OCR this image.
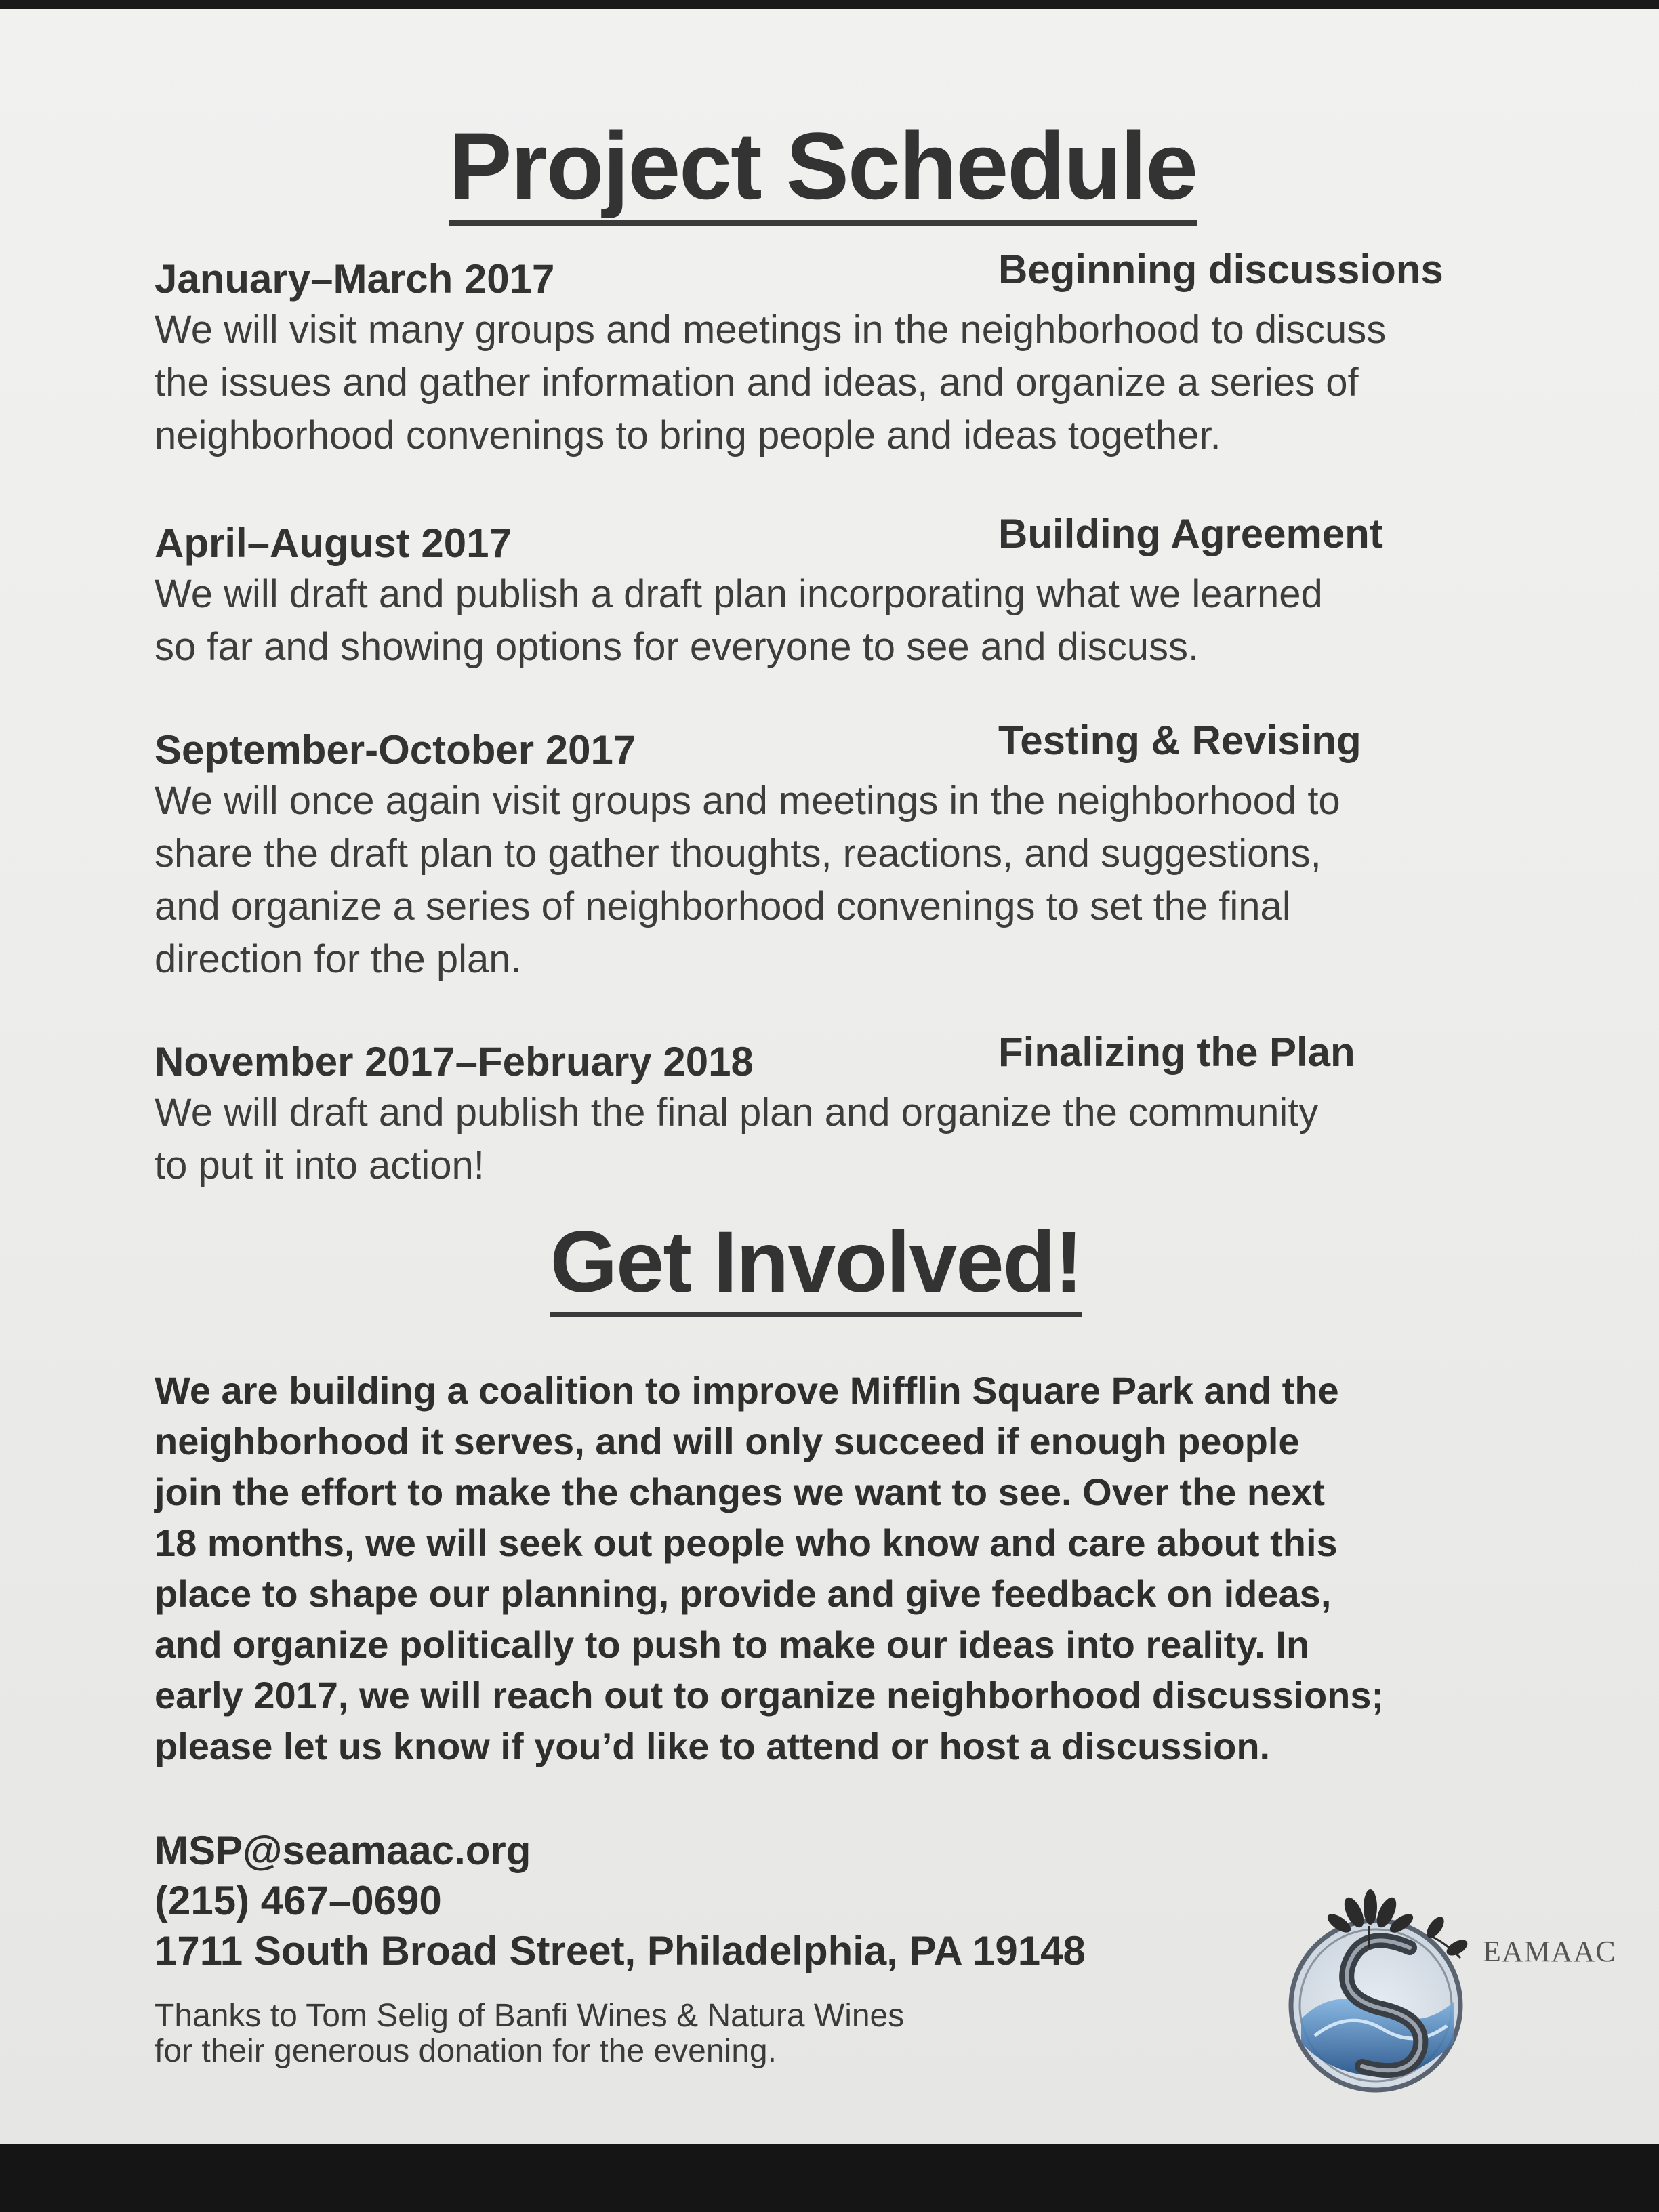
Project Schedule
January–March 2017	Beginning discussions
We will visit many groups and meetings in the neighborhood to discuss
the issues and gather information and ideas, and organize a series of
neighborhood convenings to bring people and ideas together.
April–August 2017	Building Agreement
We will draft and publish a draft plan incorporating what we learned
so far and showing options for everyone to see and discuss.
September-October 2017	Testing & Revising
We will once again visit groups and meetings in the neighborhood to
share the draft plan to gather thoughts, reactions, and suggestions,
and organize a series of neighborhood convenings to set the final
direction for the plan.
November 2017–February 2018	Finalizing the Plan
We will draft and publish the final plan and organize the community
to put it into action!
Get Involved!
We are building a coalition to improve Mifflin Square Park and the
neighborhood it serves, and will only succeed if enough people
join the effort to make the changes we want to see. Over the next
18 months, we will seek out people who know and care about this
place to shape our planning, provide and give feedback on ideas,
and organize politically to push to make our ideas into reality. In
early 2017, we will reach out to organize neighborhood discussions;
please let us know if you’d like to attend or host a discussion.
MSP@seamaac.org
(215) 467–0690
1711 South Broad Street, Philadelphia, PA 19148
Thanks to Tom Selig of Banfi Wines & Natura Wines
for their generous donation for the evening.
EAMAAC
